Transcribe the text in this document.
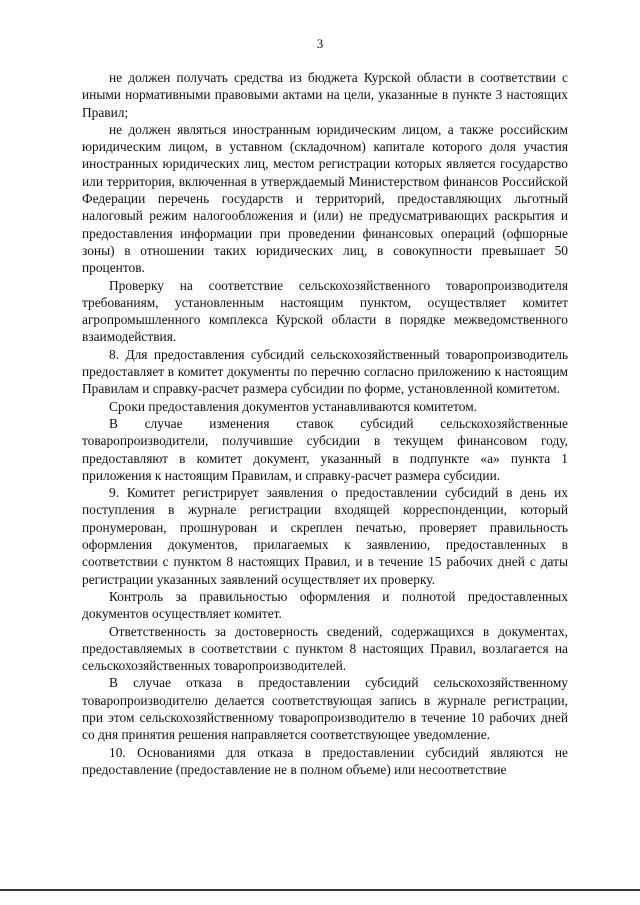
3

не должен получать средства из бюджета Курской области в соответствии с иными нормативными правовыми актами на цели, указанные в пункте 3 настоящих Правил;

не должен являться иностранным юридическим лицом, а также российским юридическим лицом, в уставном (складочном) капитале которого доля участия иностранных юридических лиц, местом регистрации которых является государство или территория, включенная в утверждаемый Министерством финансов Российской Федерации перечень государств и территорий, предоставляющих льготный налоговый режим налогообложения и (или) не предусматривающих раскрытия и предоставления информации при проведении финансовых операций (офшорные зоны) в отношении таких юридических лиц, в совокупности превышает 50 процентов.

Проверку на соответствие сельскохозяйственного товаропроизводителя требованиям, установленным настоящим пунктом, осуществляет комитет агропромышленного комплекса Курской области в порядке межведомственного взаимодействия.

8. Для предоставления субсидий сельскохозяйственный товаропроизводитель предоставляет в комитет документы по перечню согласно приложению к настоящим Правилам и справку-расчет размера субсидии по форме, установленной комитетом.

Сроки предоставления документов устанавливаются комитетом.

В случае изменения ставок субсидий сельскохозяйственные товаропроизводители, получившие субсидии в текущем финансовом году, предоставляют в комитет документ, указанный в подпункте «а» пункта 1 приложения к настоящим Правилам, и справку-расчет размера субсидии.

9. Комитет регистрирует заявления о предоставлении субсидий в день их поступления в журнале регистрации входящей корреспонденции, который пронумерован, прошнурован и скреплен печатью, проверяет правильность оформления документов, прилагаемых к заявлению, предоставленных в соответствии с пунктом 8 настоящих Правил, и в течение 15 рабочих дней с даты регистрации указанных заявлений осуществляет их проверку.

Контроль за правильностью оформления и полнотой предоставленных документов осуществляет комитет.

Ответственность за достоверность сведений, содержащихся в документах, предоставляемых в соответствии с пунктом 8 настоящих Правил, возлагается на сельскохозяйственных товаропроизводителей.

В случае отказа в предоставлении субсидий сельскохозяйственному товаропроизводителю делается соответствующая запись в журнале регистрации, при этом сельскохозяйственному товаропроизводителю в течение 10 рабочих дней со дня принятия решения направляется соответствующее уведомление.

10. Основаниями для отказа в предоставлении субсидий являются не предоставление (предоставление не в полном объеме) или несоответствие
